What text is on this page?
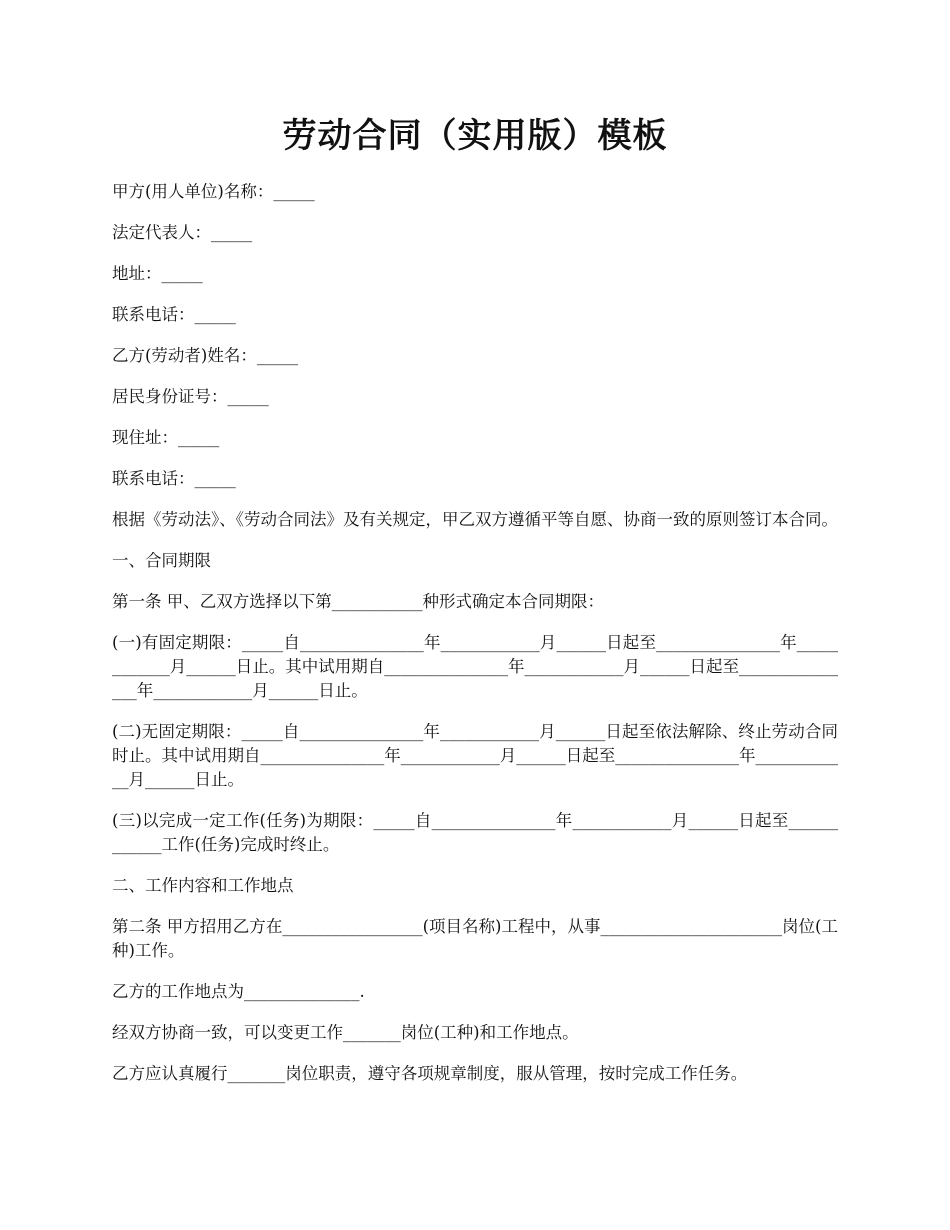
劳动合同（实用版）模板

甲方(用人单位)名称：_____

法定代表人：_____

地址：_____

联系电话：_____

乙方(劳动者)姓名：_____

居民身份证号：_____

现住址：_____

联系电话：_____

根据《劳动法》、《劳动合同法》及有关规定，甲乙双方遵循平等自愿、协商一致的原则签订本合同。

一、合同期限

第一条 甲、乙双方选择以下第___________种形式确定本合同期限：

(一)有固定期限：_____自_______________年____________月______日起至_______________年____________月______日止。其中试用期自_______________年____________月______日起至_______________年____________月______日止。

(二)无固定期限：_____自_______________年____________月______日起至依法解除、终止劳动合同时止。其中试用期自_______________年____________月______日起至_______________年____________月______日止。

(三)以完成一定工作(任务)为期限：_____自_______________年____________月______日起至____________工作(任务)完成时终止。

二、工作内容和工作地点

第二条 甲方招用乙方在_________________(项目名称)工程中，从事______________________岗位(工种)工作。

乙方的工作地点为______________.

经双方协商一致，可以变更工作_______岗位(工种)和工作地点。

乙方应认真履行_______岗位职责，遵守各项规章制度，服从管理，按时完成工作任务。
